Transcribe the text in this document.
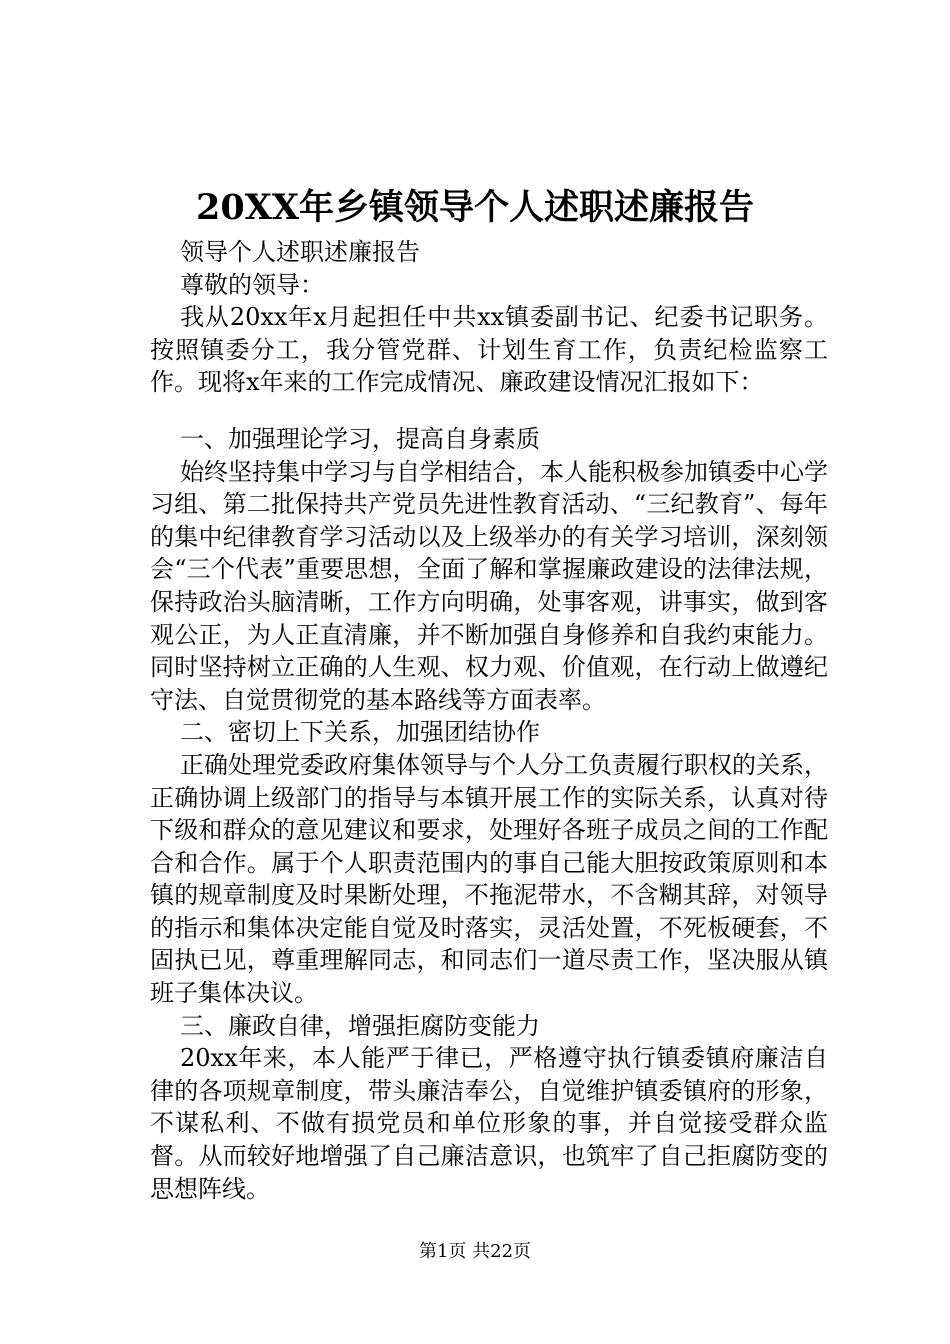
20XX年乡镇领导个人述职述廉报告

领导个人述职述廉报告

尊敬的领导：

我从20xx年x月起担任中共xx镇委副书记、纪委书记职务。按照镇委分工，我分管党群、计划生育工作，负责纪检监察工作。现将x年来的工作完成情况、廉政建设情况汇报如下：

一、加强理论学习，提高自身素质

始终坚持集中学习与自学相结合，本人能积极参加镇委中心学习组、第二批保持共产党员先进性教育活动、“三纪教育”、每年的集中纪律教育学习活动以及上级举办的有关学习培训，深刻领会“三个代表”重要思想，全面了解和掌握廉政建设的法律法规，保持政治头脑清晰，工作方向明确，处事客观，讲事实，做到客观公正，为人正直清廉，并不断加强自身修养和自我约束能力。同时坚持树立正确的人生观、权力观、价值观，在行动上做遵纪守法、自觉贯彻党的基本路线等方面表率。

二、密切上下关系，加强团结协作

正确处理党委政府集体领导与个人分工负责履行职权的关系，正确协调上级部门的指导与本镇开展工作的实际关系，认真对待下级和群众的意见建议和要求，处理好各班子成员之间的工作配合和合作。属于个人职责范围内的事自己能大胆按政策原则和本镇的规章制度及时果断处理，不拖泥带水，不含糊其辞，对领导的指示和集体决定能自觉及时落实，灵活处置，不死板硬套，不固执已见，尊重理解同志，和同志们一道尽责工作，坚决服从镇班子集体决议。

三、廉政自律，增强拒腐防变能力

20xx年来，本人能严于律已，严格遵守执行镇委镇府廉洁自律的各项规章制度，带头廉洁奉公，自觉维护镇委镇府的形象，不谋私利、不做有损党员和单位形象的事，并自觉接受群众监督。从而较好地增强了自己廉洁意识，也筑牢了自己拒腐防变的思想阵线。

第1页 共22页
